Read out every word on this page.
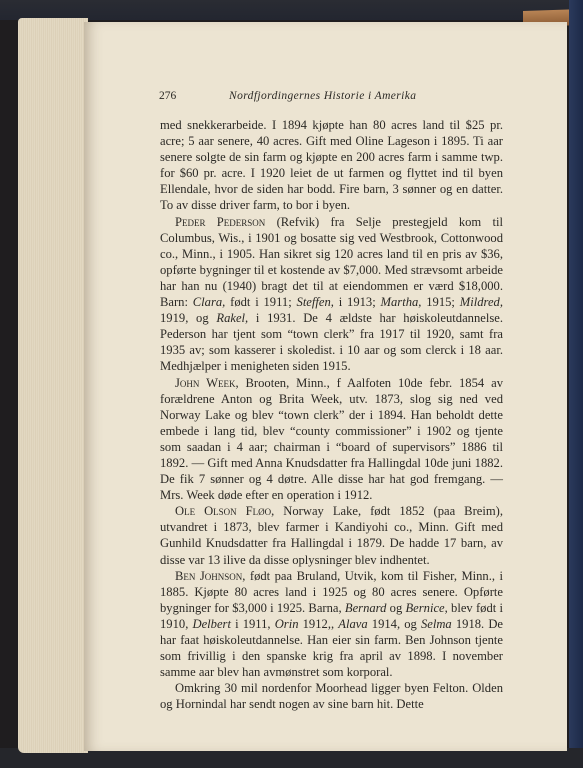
276	Nordfjordingernes Historie i Amerika

med snekkerarbeide. I 1894 kjøpte han 80 acres land til $25 pr. acre; 5 aar senere, 40 acres. Gift med Oline Lageson i 1895. Ti aar senere solgte de sin farm og kjøpte en 200 acres farm i samme twp. for $60 pr. acre. I 1920 leiet de ut farmen og flyttet ind til byen Ellendale, hvor de siden har bodd. Fire barn, 3 sønner og en datter. To av disse driver farm, to bor i byen.

Peder Pederson (Refvik) fra Selje prestegjeld kom til Columbus, Wis., i 1901 og bosatte sig ved Westbrook, Cottonwood co., Minn., i 1905. Han sikret sig 120 acres land til en pris av $36, opførte bygninger til et kostende av $7,000. Med strævsomt arbeide har han nu (1940) bragt det til at eiendommen er værd $18,000. Barn: Clara, født i 1911; Steffen, i 1913; Martha, 1915; Mildred, 1919, og Rakel, i 1931. De 4 ældste har høiskoleutdannelse. Pederson har tjent som “town clerk” fra 1917 til 1920, samt fra 1935 av; som kasserer i skoledist. i 10 aar og som clerck i 18 aar. Medhjælper i menigheten siden 1915.

John Week, Brooten, Minn., f Aalfoten 10de febr. 1854 av forældrene Anton og Brita Week, utv. 1873, slog sig ned ved Norway Lake og blev “town clerk” der i 1894. Han beholdt dette embede i lang tid, blev “county commissioner” i 1902 og tjente som saadan i 4 aar; chairman i “board of supervisors” 1886 til 1892. — Gift med Anna Knudsdatter fra Hallingdal 10de juni 1882. De fik 7 sønner og 4 døtre. Alle disse har hat god fremgang. — Mrs. Week døde efter en operation i 1912.

Ole Olson Fløo, Norway Lake, født 1852 (paa Breim), utvandret i 1873, blev farmer i Kandiyohi co., Minn. Gift med Gunhild Knudsdatter fra Hallingdal i 1879. De hadde 17 barn, av disse var 13 ilive da disse oplysninger blev indhentet.

Ben Johnson, født paa Bruland, Utvik, kom til Fisher, Minn., i 1885. Kjøpte 80 acres land i 1925 og 80 acres senere. Opførte bygninger for $3,000 i 1925. Barna, Bernard og Bernice, blev født i 1910, Delbert i 1911, Orin 1912,, Alava 1914, og Selma 1918. De har faat høiskoleutdannelse. Han eier sin farm. Ben Johnson tjente som frivillig i den spanske krig fra april av 1898. I november samme aar blev han avmønstret som korporal.

Omkring 30 mil nordenfor Moorhead ligger byen Felton. Olden og Hornindal har sendt nogen av sine barn hit. Dette
